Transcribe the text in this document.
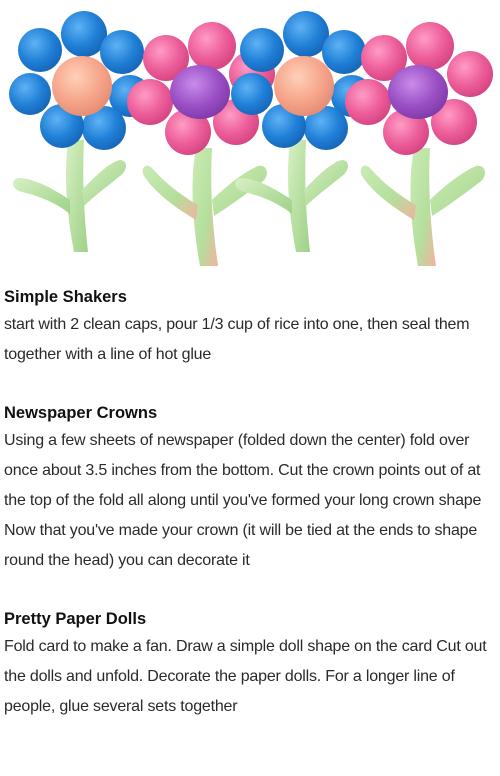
Simple Shakers

start with 2 clean caps, pour 1/3 cup of rice into one, then seal them together with a line of hot glue

Newspaper Crowns

Using a few sheets of newspaper (folded down the center) fold over once about 3.5 inches from the bottom. Cut the crown points out of at the top of the fold all along until you've formed your long crown shape

Now that you've made your crown (it will be tied at the ends to shape round the head) you can decorate it

Pretty Paper Dolls

Fold card to make a fan. Draw a simple doll shape on the card Cut out the dolls and unfold. Decorate the paper dolls. For a longer line of people, glue several sets together
